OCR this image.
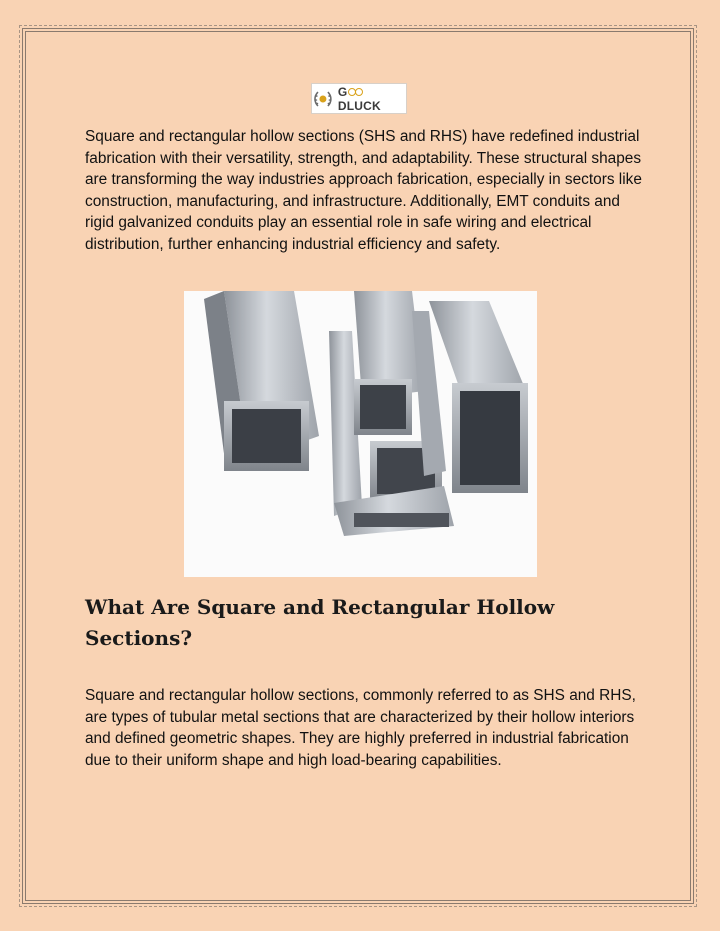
G
DLUCK

Square and rectangular hollow sections (SHS and RHS) have redefined industrial fabrication with their versatility, strength, and adaptability. These structural shapes are transforming the way industries approach fabrication, especially in sectors like construction, manufacturing, and infrastructure. Additionally, EMT conduits and rigid galvanized conduits play an essential role in safe wiring and electrical distribution, further enhancing industrial efficiency and safety.

What Are Square and Rectangular Hollow Sections?

Square and rectangular hollow sections, commonly referred to as SHS and RHS, are types of tubular metal sections that are characterized by their hollow interiors and defined geometric shapes. They are highly preferred in industrial fabrication due to their uniform shape and high load-bearing capabilities.
